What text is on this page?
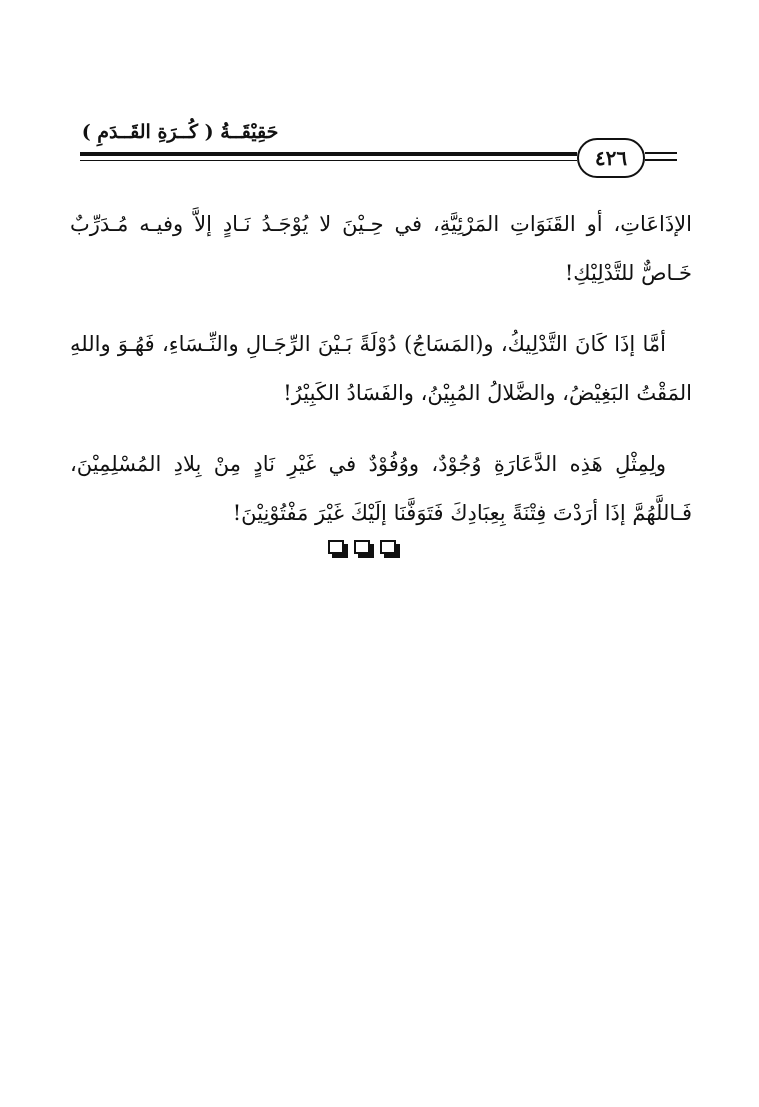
حَقِيْقَــةُ ( كُــرَةِ القَــدَمِ )
٤٢٦

الإذَاعَاتِ، أو القَنَوَاتِ المَرْئِيَّةِ، في حِـيْنَ لا يُوْجَـدُ نَـادٍ إلاَّ وفيـه مُـدَرِّبٌ خَـاصٌّ للتَّدْلِيْكِ!

أمَّا إذَا كَانَ التَّدْلِيكُ، و(المَسَاجُ) دُوْلَةً بَـيْنَ الرِّجَـالِ والنِّـسَاءِ، فَهُـوَ واللهِ المَقْتُ البَغِيْضُ، والضَّلالُ المُبِيْنُ، والفَسَادُ الكَبِيْرُ!

ولِمِثْلِ هَذِه الدَّعَارَةِ وُجُوْدٌ، ووُفُوْدٌ في غَيْرِ نَادٍ مِنْ بِلادِ المُسْلِمِيْنَ، فَـاللَّهُمَّ إذَا أرَدْتَ فِتْنَةً بِعِبَادِكَ فَتَوَفَّنَا إلَيْكَ غَيْرَ مَفْتُوْنِيْنَ!
